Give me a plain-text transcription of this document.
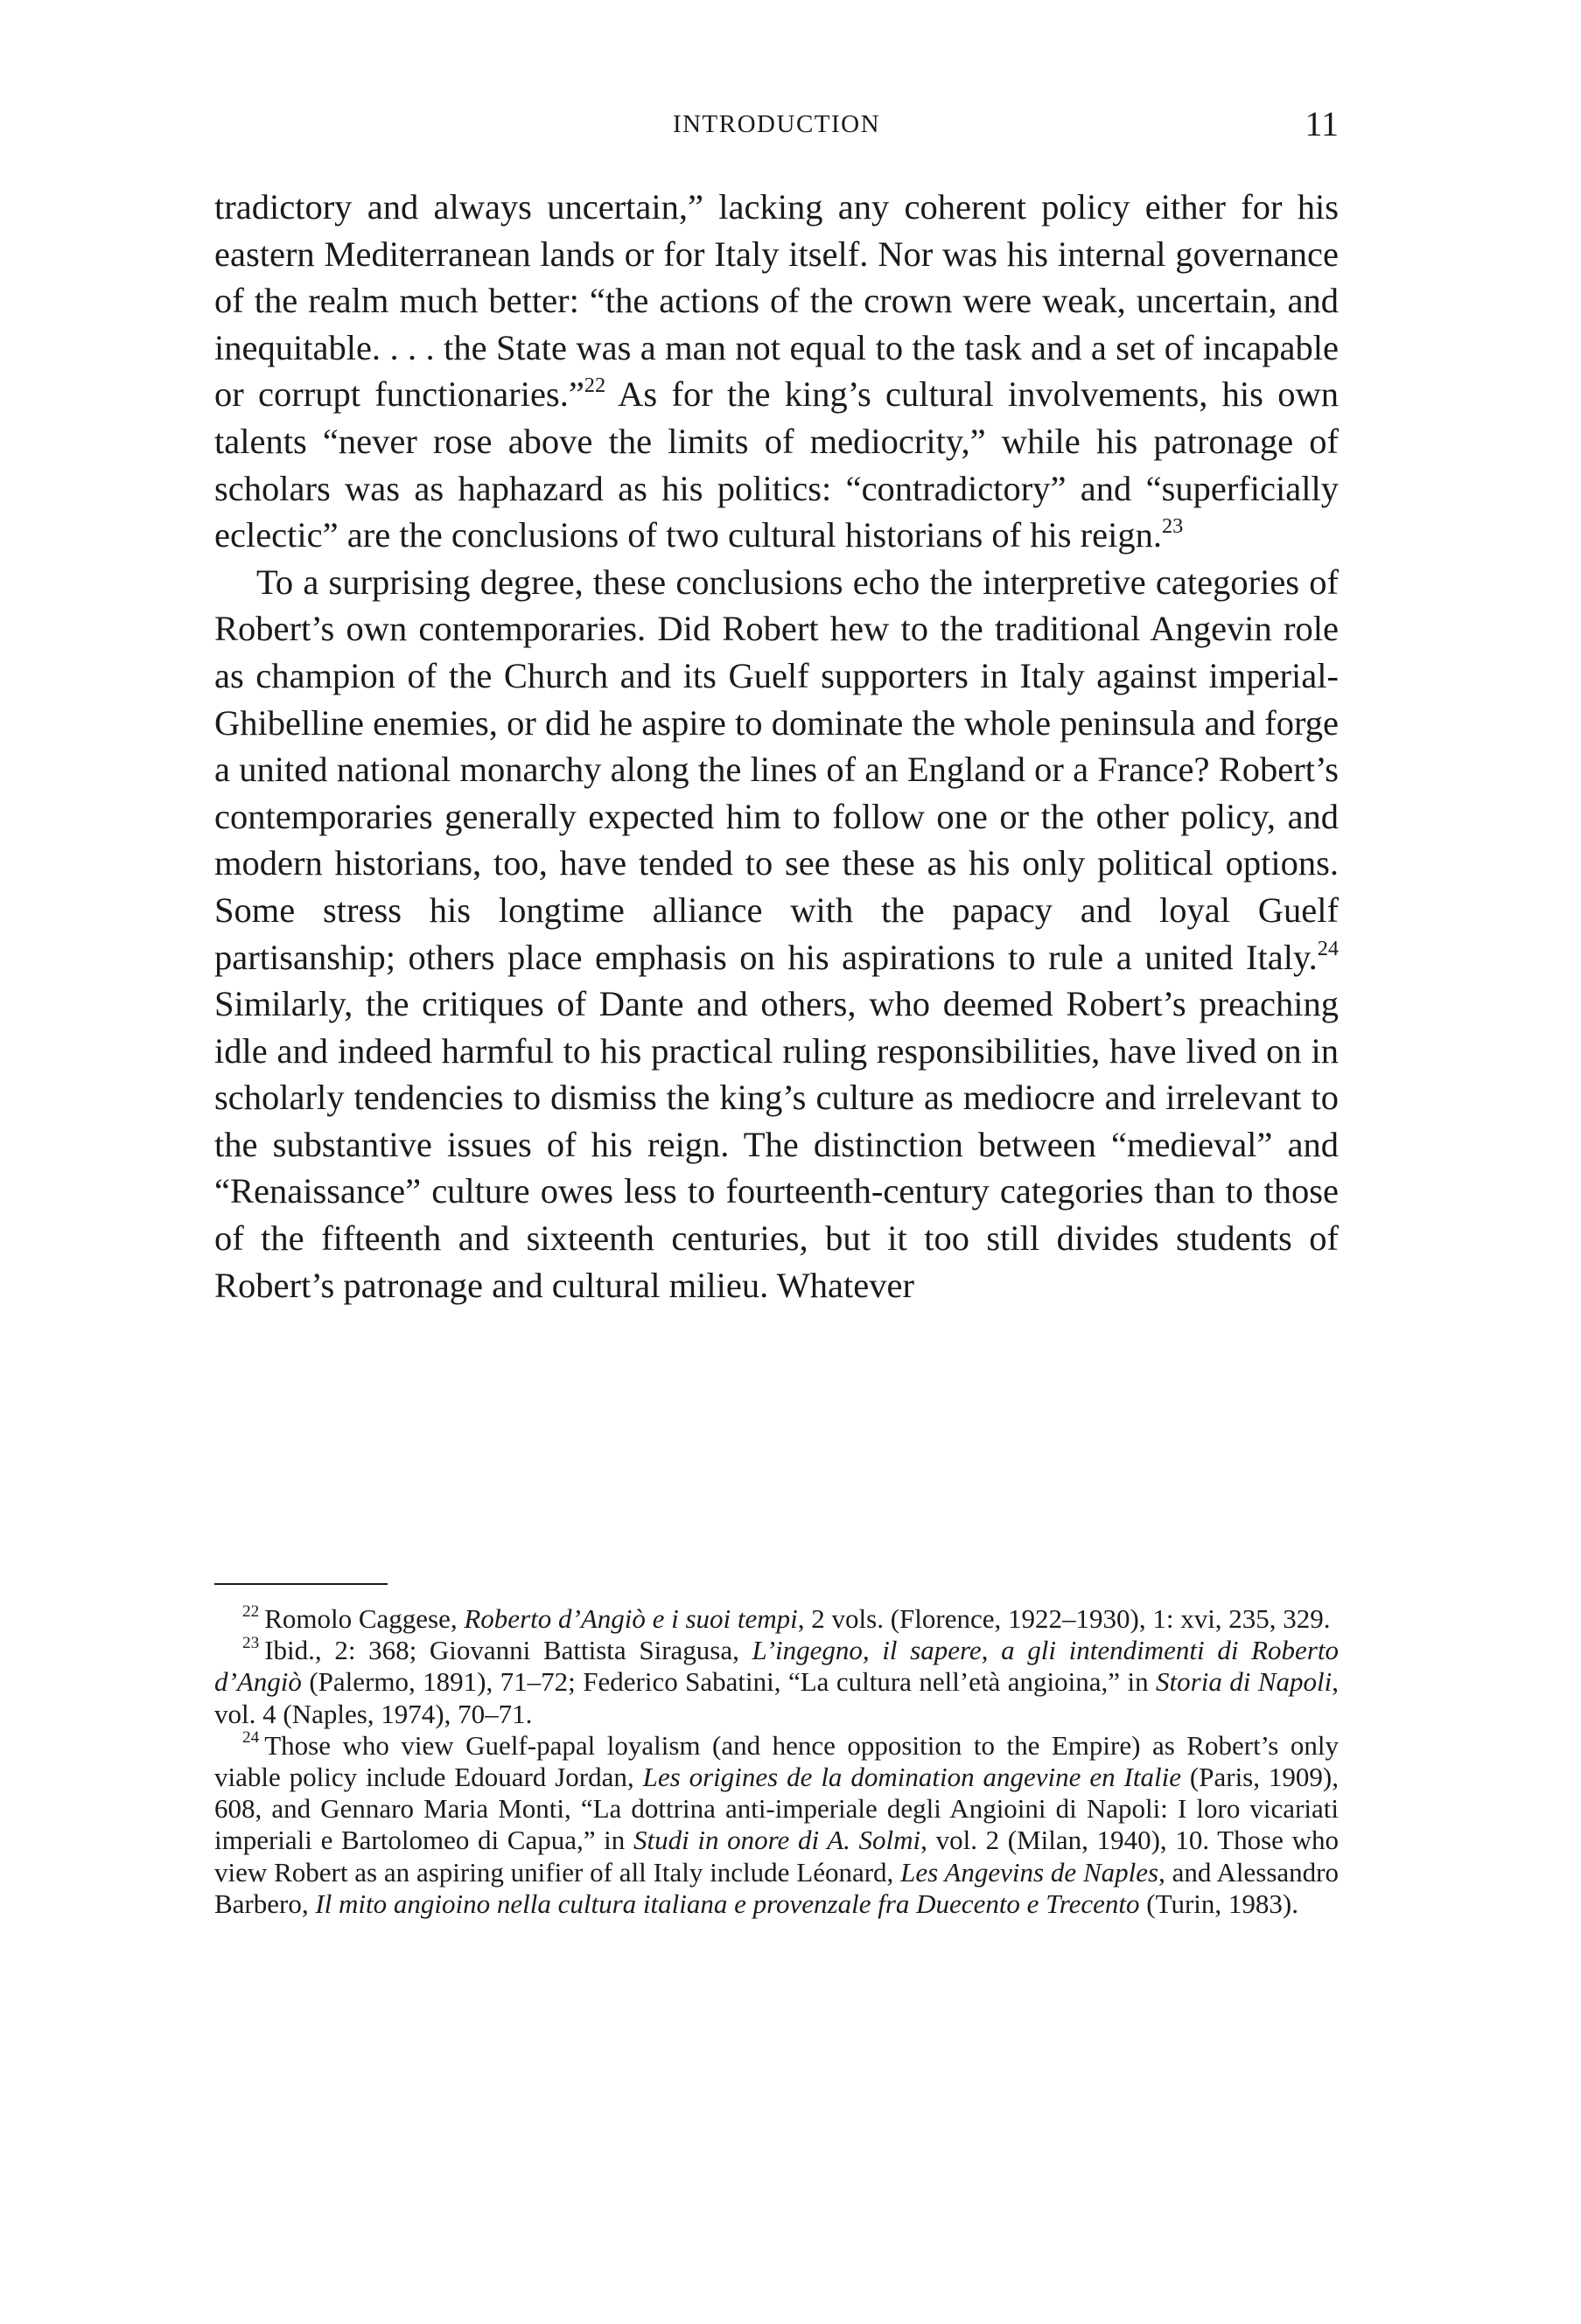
INTRODUCTION	11

tradictory and always uncertain,” lacking any coherent policy either for his eastern Mediterranean lands or for Italy itself. Nor was his internal governance of the realm much better: “the actions of the crown were weak, uncertain, and inequitable. . . . the State was a man not equal to the task and a set of incapable or corrupt functionaries.”$^{22}$ As for the king’s cultural involvements, his own talents “never rose above the limits of mediocrity,” while his patronage of scholars was as haphazard as his politics: “contradictory” and “superficially eclectic” are the conclusions of two cultural historians of his reign.$^{23}$

To a surprising degree, these conclusions echo the interpretive categories of Robert’s own contemporaries. Did Robert hew to the traditional Angevin role as champion of the Church and its Guelf supporters in Italy against imperial-Ghibelline enemies, or did he aspire to dominate the whole peninsula and forge a united national monarchy along the lines of an England or a France? Robert’s contemporaries generally expected him to follow one or the other policy, and modern historians, too, have tended to see these as his only political options. Some stress his longtime alliance with the papacy and loyal Guelf partisanship; others place emphasis on his aspirations to rule a united Italy.$^{24}$ Similarly, the critiques of Dante and others, who deemed Robert’s preaching idle and indeed harmful to his practical ruling responsibilities, have lived on in scholarly tendencies to dismiss the king’s culture as mediocre and irrelevant to the substantive issues of his reign. The distinction between “medieval” and “Renaissance” culture owes less to fourteenth-century categories than to those of the fifteenth and sixteenth centuries, but it too still divides students of Robert’s patronage and cultural milieu. Whatever

$^{22}$ Romolo Caggese, Roberto d’Angiò e i suoi tempi, 2 vols. (Florence, 1922–1930), 1: xvi, 235, 329.

$^{23}$ Ibid., 2: 368; Giovanni Battista Siragusa, L’ingegno, il sapere, a gli intendimenti di Roberto d’Angiò (Palermo, 1891), 71–72; Federico Sabatini, “La cultura nell’età angioina,” in Storia di Napoli, vol. 4 (Naples, 1974), 70–71.

$^{24}$ Those who view Guelf-papal loyalism (and hence opposition to the Empire) as Robert’s only viable policy include Edouard Jordan, Les origines de la domination angevine en Italie (Paris, 1909), 608, and Gennaro Maria Monti, “La dottrina anti-imperiale degli Angioini di Napoli: I loro vicariati imperiali e Bartolomeo di Capua,” in Studi in onore di A. Solmi, vol. 2 (Milan, 1940), 10. Those who view Robert as an aspiring unifier of all Italy include Léonard, Les Angevins de Naples, and Alessandro Barbero, Il mito angioino nella cultura italiana e provenzale fra Duecento e Trecento (Turin, 1983).
